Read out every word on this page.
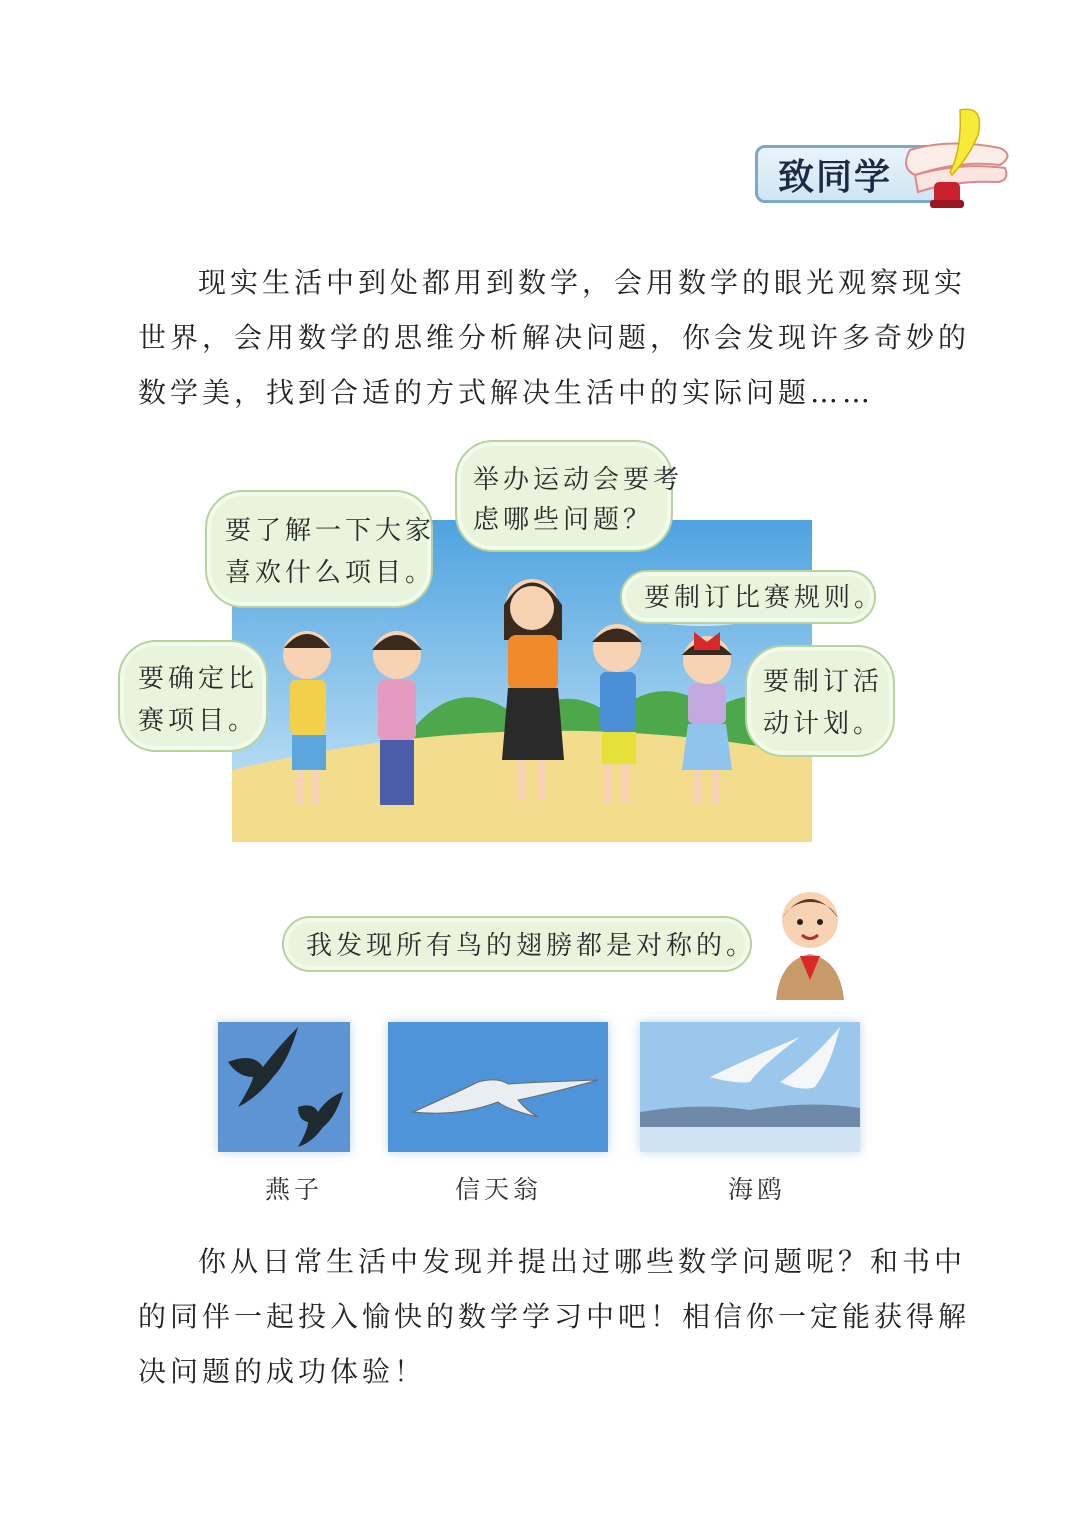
致同学
现实生活中到处都用到数学，会用数学的眼光观察现实
世界，会用数学的思维分析解决问题，你会发现许多奇妙的
数学美，找到合适的方式解决生活中的实际问题……
要了解一下大家
喜欢什么项目。
举办运动会要考
虑哪些问题？
要制订比赛规则。
要确定比
赛项目。
要制订活
动计划。
我发现所有鸟的翅膀都是对称的。
燕子	信天翁	海鸥
你从日常生活中发现并提出过哪些数学问题呢？和书中
的同伴一起投入愉快的数学学习中吧！相信你一定能获得解
决问题的成功体验！
